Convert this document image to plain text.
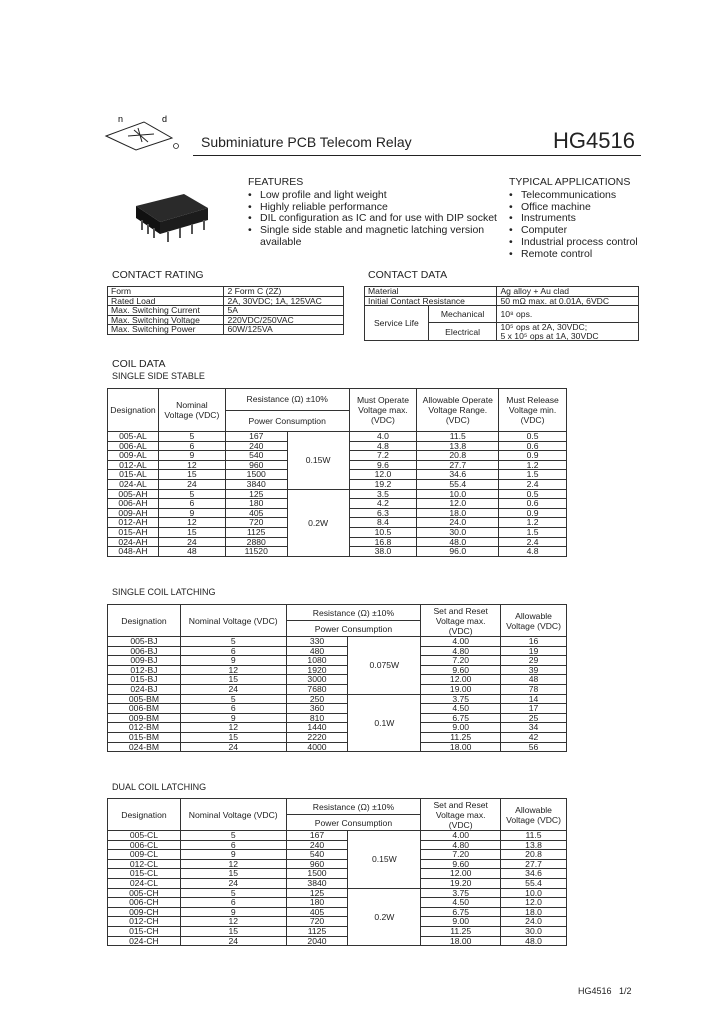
n	d
Subminiature PCB Telecom Relay	HG4516
FEATURES
• Low profile and light weight
• Highly reliable performance
• DIL configuration as IC and for use with DIP socket
• Single side stable and magnetic latching version available
TYPICAL APPLICATIONS
• Telecommunications
• Office machine
• Instruments
• Computer
• Industrial process control
• Remote control
CONTACT RATING
Form	2 Form C (2Z)
Rated Load	2A, 30VDC; 1A, 125VAC
Max. Switching Current	5A
Max. Switching Voltage	220VDC/250VAC
Max. Switching Power	60W/125VA
CONTACT DATA
Material		Ag alloy + Au clad
Initial Contact Resistance		50 mΩ max. at 0.01A, 6VDC
Service Life	Mechanical	10⁸ ops.
	Electrical	10⁵ ops at 2A, 30VDC;
		5 x 10⁵ ops at 1A, 30VDC
COIL DATA
SINGLE SIDE STABLE
Designation	Nominal Voltage (VDC)	Resistance (Ω) ±10%		Must Operate Voltage max. (VDC)	Allowable Operate Voltage Range. (VDC)	Must Release Voltage min. (VDC)
		Power Consumption				
005-AL	5	167	0.15W	4.0	11.5	0.5
006-AL	6	240		4.8	13.8	0.6
009-AL	9	540		7.2	20.8	0.9
012-AL	12	960		9.6	27.7	1.2
015-AL	15	1500		12.0	34.6	1.5
024-AL	24	3840		19.2	55.4	2.4
005-AH	5	125	0.2W	3.5	10.0	0.5
006-AH	6	180		4.2	12.0	0.6
009-AH	9	405		6.3	18.0	0.9
012-AH	12	720		8.4	24.0	1.2
015-AH	15	1125		10.5	30.0	1.5
024-AH	24	2880		16.8	48.0	2.4
048-AH	48	11520		38.0	96.0	4.8
SINGLE COIL LATCHING
Designation	Nominal Voltage (VDC)	Resistance (Ω) ±10%		Set and Reset Voltage max. (VDC)	Allowable Voltage (VDC)
		Power Consumption			
005-BJ	5	330	0.075W	4.00	16
006-BJ	6	480		4.80	19
009-BJ	9	1080		7.20	29
012-BJ	12	1920		9.60	39
015-BJ	15	3000		12.00	48
024-BJ	24	7680		19.00	78
005-BM	5	250	0.1W	3.75	14
006-BM	6	360		4.50	17
009-BM	9	810		6.75	25
012-BM	12	1440		9.00	34
015-BM	15	2220		11.25	42
024-BM	24	4000		18.00	56
DUAL COIL LATCHING
Designation	Nominal Voltage (VDC)	Resistance (Ω) ±10%		Set and Reset Voltage max. (VDC)	Allowable Voltage (VDC)
		Power Consumption			
005-CL	5	167	0.15W	4.00	11.5
006-CL	6	240		4.80	13.8
009-CL	9	540		7.20	20.8
012-CL	12	960		9.60	27.7
015-CL	15	1500		12.00	34.6
024-CL	24	3840		19.20	55.4
005-CH	5	125	0.2W	3.75	10.0
006-CH	6	180		4.50	12.0
009-CH	9	405		6.75	18.0
012-CH	12	720		9.00	24.0
015-CH	15	1125		11.25	30.0
024-CH	24	2040		18.00	48.0
HG4516   1/2
